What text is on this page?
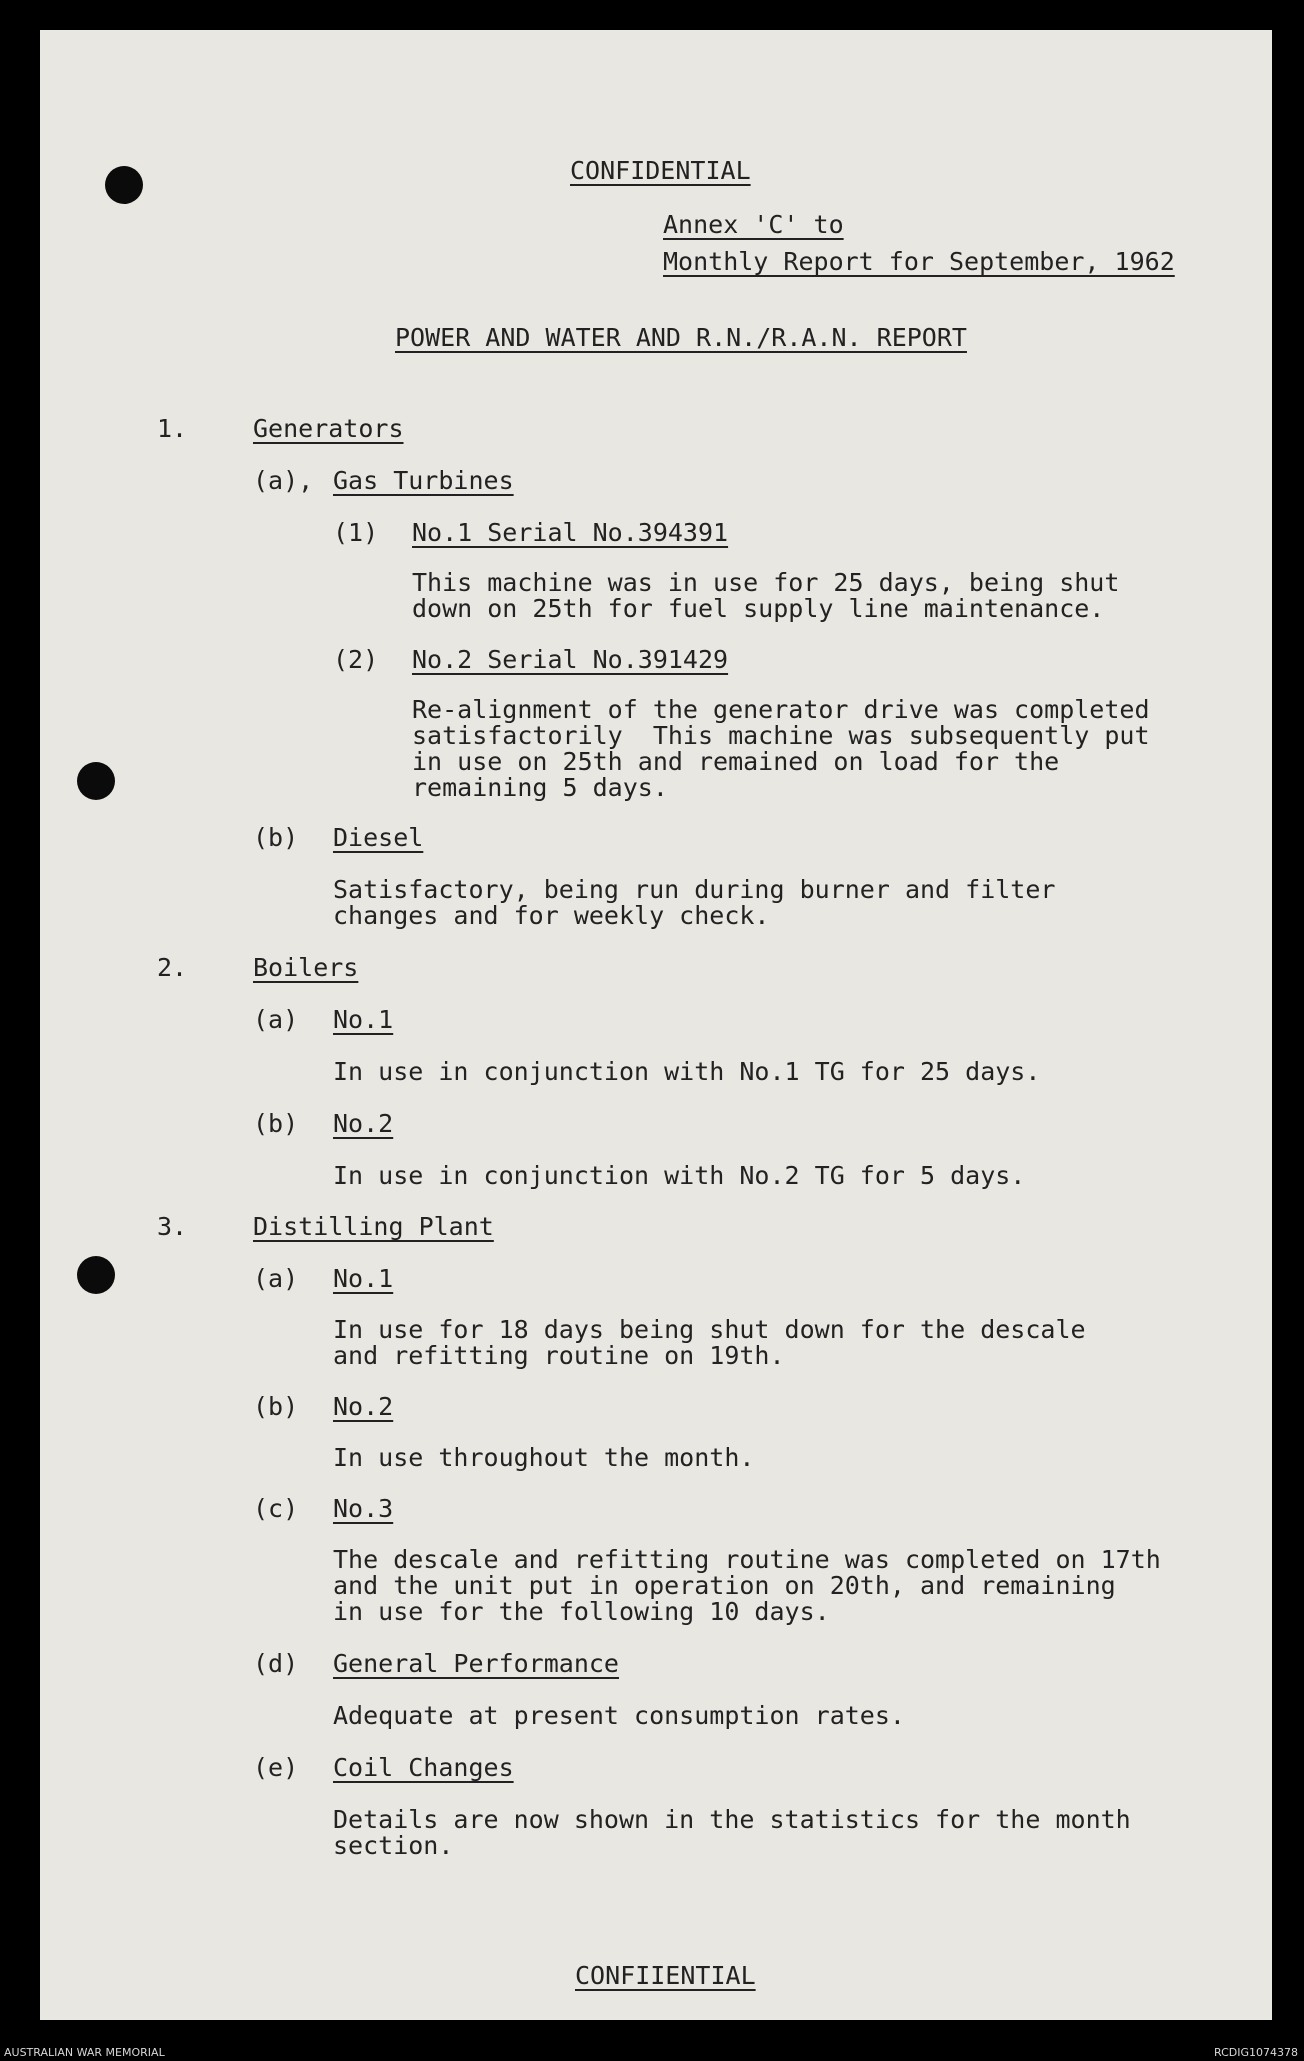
CONFIDENTIAL
Annex 'C' to
Monthly Report for September, 1962
POWER AND WATER AND R.N./R.A.N. REPORT
1.	Generators
(a), Gas Turbines
(1) No.1 Serial No.394391
This machine was in use for 25 days, being shut
down on 25th for fuel supply line maintenance.
(2) No.2 Serial No.391429
Re-alignment of the generator drive was completed
satisfactorily  This machine was subsequently put
in use on 25th and remained on load for the
remaining 5 days.
(b) Diesel
Satisfactory, being run during burner and filter
changes and for weekly check.
2.	Boilers
(a) No.1
In use in conjunction with No.1 TG for 25 days.
(b) No.2
In use in conjunction with No.2 TG for 5 days.
3.	Distilling Plant
(a) No.1
In use for 18 days being shut down for the descale
and refitting routine on 19th.
(b) No.2
In use throughout the month.
(c) No.3
The descale and refitting routine was completed on 17th
and the unit put in operation on 20th, and remaining
in use for the following 10 days.
(d) General Performance
Adequate at present consumption rates.
(e) Coil Changes
Details are now shown in the statistics for the month
section.
CONFIIENTIAL
AUSTRALIAN WAR MEMORIAL	RCDIG1074378
